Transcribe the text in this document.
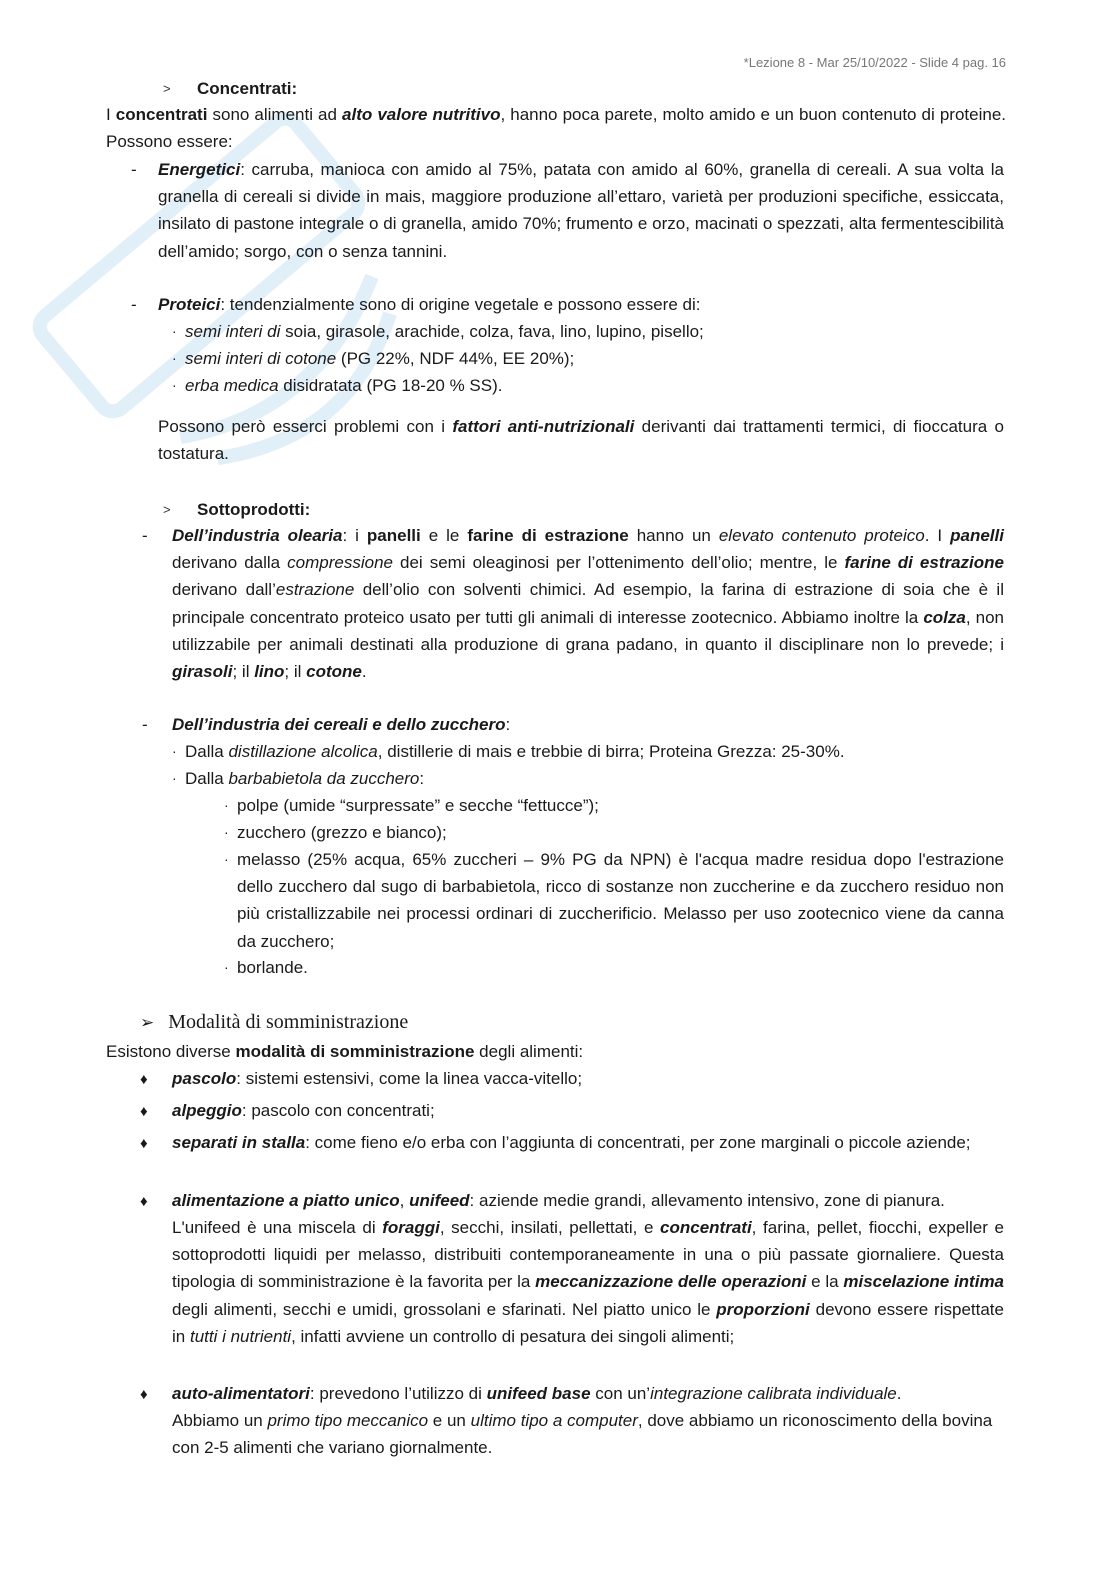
*Lezione 8 - Mar 25/10/2022 - Slide 4 pag. 16
> Concentrati:
I concentrati sono alimenti ad alto valore nutritivo, hanno poca parete, molto amido e un buon contenuto di proteine. Possono essere:
- Energetici: carruba, manioca con amido al 75%, patata con amido al 60%, granella di cereali. A sua volta la granella di cereali si divide in mais, maggiore produzione all’ettaro, varietà per produzioni specifiche, essiccata, insilato di pastone integrale o di granella, amido 70%; frumento e orzo, macinati o spezzati, alta fermentescibilità dell’amido; sorgo, con o senza tannini.
- Proteici: tendenzialmente sono di origine vegetale e possono essere di:
· semi interi di soia, girasole, arachide, colza, fava, lino, lupino, pisello;
· semi interi di cotone (PG 22%, NDF 44%, EE 20%);
· erba medica disidratata (PG 18-20 % SS).
Possono però esserci problemi con i fattori anti-nutrizionali derivanti dai trattamenti termici, di fioccatura o tostatura.
> Sottoprodotti:
- Dell’industria olearia: i panelli e le farine di estrazione hanno un elevato contenuto proteico. I panelli derivano dalla compressione dei semi oleaginosi per l’ottenimento dell’olio; mentre, le farine di estrazione derivano dall’estrazione dell’olio con solventi chimici. Ad esempio, la farina di estrazione di soia che è il principale concentrato proteico usato per tutti gli animali di interesse zootecnico. Abbiamo inoltre la colza, non utilizzabile per animali destinati alla produzione di grana padano, in quanto il disciplinare non lo prevede; i girasoli; il lino; il cotone.
- Dell’industria dei cereali e dello zucchero:
· Dalla distillazione alcolica, distillerie di mais e trebbie di birra; Proteina Grezza: 25-30%.
· Dalla barbabietola da zucchero:
· polpe (umide “surpressate” e secche “fettucce”);
· zucchero (grezzo e bianco);
· melasso (25% acqua, 65% zuccheri – 9% PG da NPN) è l'acqua madre residua dopo l'estrazione dello zucchero dal sugo di barbabietola, ricco di sostanze non zuccherine e da zucchero residuo non più cristallizzabile nei processi ordinari di zuccherificio. Melasso per uso zootecnico viene da canna da zucchero;
· borlande.
➢ Modalità di somministrazione
Esistono diverse modalità di somministrazione degli alimenti:
♦ pascolo: sistemi estensivi, come la linea vacca-vitello;
♦ alpeggio: pascolo con concentrati;
♦ separati in stalla: come fieno e/o erba con l’aggiunta di concentrati, per zone marginali o piccole aziende;
♦ alimentazione a piatto unico, unifeed: aziende medie grandi, allevamento intensivo, zone di pianura.
L'unifeed è una miscela di foraggi, secchi, insilati, pellettati, e concentrati, farina, pellet, fiocchi, expeller e sottoprodotti liquidi per melasso, distribuiti contemporaneamente in una o più passate giornaliere. Questa tipologia di somministrazione è la favorita per la meccanizzazione delle operazioni e la miscelazione intima degli alimenti, secchi e umidi, grossolani e sfarinati. Nel piatto unico le proporzioni devono essere rispettate in tutti i nutrienti, infatti avviene un controllo di pesatura dei singoli alimenti;
♦ auto-alimentatori: prevedono l’utilizzo di unifeed base con un’integrazione calibrata individuale.
Abbiamo un primo tipo meccanico e un ultimo tipo a computer, dove abbiamo un riconoscimento della bovina con 2-5 alimenti che variano giornalmente.
